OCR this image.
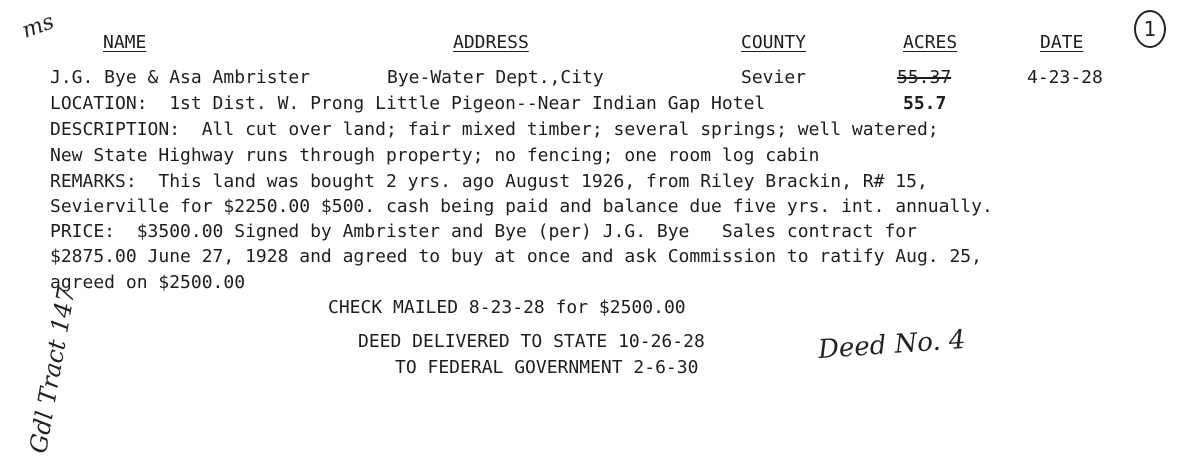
ms	1
NAME	ADDRESS	COUNTY	ACRES	DATE
J.G. Bye & Asa Ambrister	Bye-Water Dept.,City	Sevier	55.37	4-23-28
LOCATION:  1st Dist. W. Prong Little Pigeon--Near Indian Gap Hotel	55.7
DESCRIPTION:  All cut over land; fair mixed timber; several springs; well watered;
New State Highway runs through property; no fencing; one room log cabin
REMARKS:  This land was bought 2 yrs. ago August 1926, from Riley Brackin, R# 15,
Sevierville for $2250.00 $500. cash being paid and balance due five yrs. int. annually.
PRICE:  $3500.00 Signed by Ambrister and Bye (per) J.G. Bye   Sales contract for
$2875.00 June 27, 1928 and agreed to buy at once and ask Commission to ratify Aug. 25,
agreed on $2500.00
CHECK MAILED 8-23-28 for $2500.00
DEED DELIVERED TO STATE 10-26-28
TO FEDERAL GOVERNMENT 2-6-30
Deed No. 4
Gdl Tract 147
